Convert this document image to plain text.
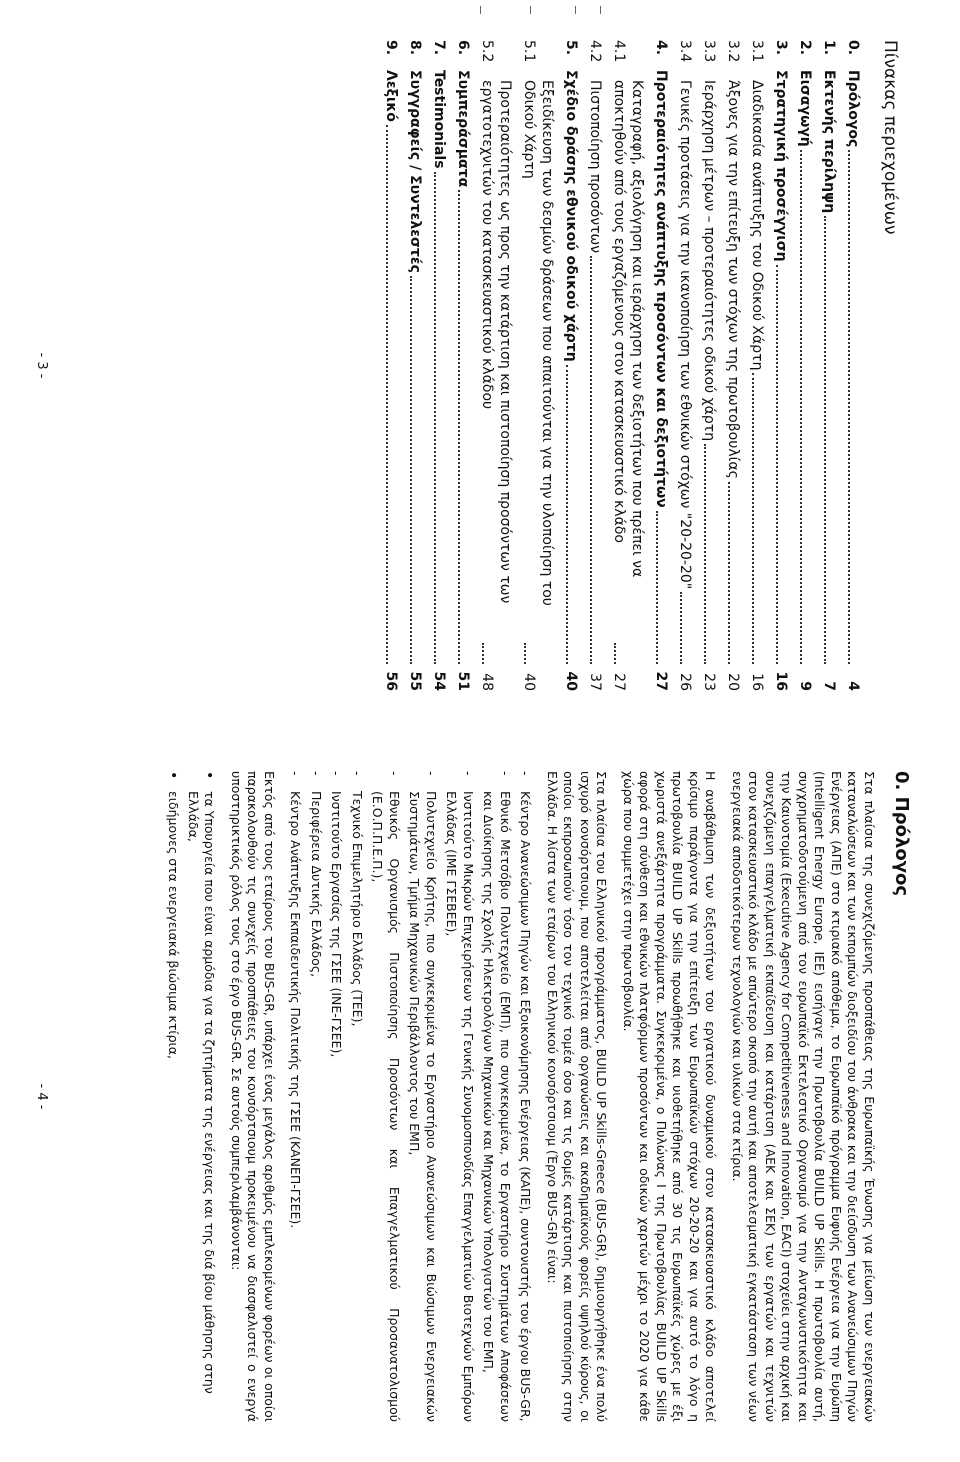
Πίνακας περιεχομένων
0.
Πρόλογος
4
1.
Εκτενής περίληψη
7
2.
Εισαγωγή
9
3.
Στρατηγική προσέγγιση
16
3.1
Διαδικασία ανάπτυξης του Οδικού Χάρτη
16
3.2
Άξονες για την επίτευξη των στόχων της πρωτοβουλίας
20
3.3
Ιεράρχηση μέτρων – προτεραιότητες οδικού χάρτη
23
3.4
Γενικές προτάσεις για την ικανοποίηση των εθνικών στόχων "20-20-20"
26
4.
Προτεραιότητες ανάπτυξης προσόντων και δεξιοτήτων
27
4.1
Καταγραφή, αξιολόγηση και ιεράρχηση των δεξιοτήτων που πρέπει να αποκτηθούν από τους εργαζόμενους στον κατασκευαστικό κλάδο
27
4.2
Πιστοποίηση προσόντων
37
5.
Σχέδιο δράσης εθνικού οδικού χάρτη
40
5.1
Εξειδίκευση των δεσμών δράσεων που απαιτούνται για την υλοποίηση του Οδικού Χάρτη
40
5.2
Προτεραιότητες ως προς την κατάρτιση και πιστοποίηση προσόντων των εργατοτεχνιτών του κατασκευαστικού κλάδου
48
6.
Συμπεράσματα
51
7.
Testimonials
54
8.
Συγγραφείς / Συντελεστές
55
9.
Λεξικό
56
- 3 -
0. Πρόλογος

Στα πλαίσια της συνεχιζόμενης προσπάθειας της Ευρωπαϊκής Ένωσης για μείωση των ενεργειακών καταναλώσεων και των εκπομπών διοξειδίου του άνθρακα και την διείσδυση των Ανανεώσιμων Πηγών Ενέργειας (ΑΠΕ) στο κτιριακό απόθεμα, το Ευρωπαϊκό πρόγραμμα Ευφυής Ενέργεια για την Ευρώπη (Intelligent Energy Europe, IEE) εισήγαγε την Πρωτοβουλία BUILD UP Skills. Η πρωτοβουλία αυτή, συγχρηματοδοτούμενη από τον ευρωπαϊκό Εκτελεστικό Οργανισμό για την Ανταγωνιστικότητα και την Καινοτομία (Executive Agency for Competitiveness and Innovation, EACI) στοχεύει στην αρχική και συνεχιζόμενη επαγγελματική εκπαίδευση και κατάρτιση (ΑΕΚ και ΣΕΚ) των εργατών και τεχνιτών στον κατασκευαστικό κλάδο με απώτερο σκοπό την αυτή και αποτελεσματική εγκατάσταση των νέων ενεργειακά αποδοτικότερων τεχνολογιών και υλικών στα κτίρια.

Η αναβάθμιση των δεξιοτήτων του εργατικού δυναμικού στον κατασκευαστικό κλάδο αποτελεί κρίσιμο παράγοντα για την επίτευξη των Ευρωπαϊκών στόχων 20-20-20 και για αυτό το λόγο η πρωτοβουλία BUILD UP Skills προωθήθηκε και υιοθετήθηκε από 30 τις Ευρωπαϊκές χώρες με έξι χωριστά ανεξάρτητα προγράμματα. Συγκεκριμένα, ο Πυλώνας I της Πρωτοβουλίας BUILD UP Skills αφορά στη σύνθεση και εθνικών πλατφόρμων προσόντων και οδικών χαρτών μέχρι το 2020 για κάθε χώρα που συμμετέχει στην πρωτοβουλία.

Στα πλαίσια του Ελληνικού προγράμματος, BUILD UP Skills-Greece (BUS-GR), δημιουργήθηκε ένα πολύ ισχυρό κονσόρτσιουμ, που αποτελείται από οργανώσεις και ακαδημαϊκούς φορείς υψηλού κύρους, οι οποίοι εκπροσωπούν τόσο τον τεχνικό τομέα όσο και τις δομές κατάρτισης και πιστοποίησης στην Ελλάδα. Η λίστα των εταίρων του Ελληνικού κονσόρτσιουμ (Έργο BUS-GR) είναι:

-
Κέντρο Ανανεώσιμων Πηγών και Εξοικονόμησης Ενέργειας (ΚΑΠΕ), συντονιστής του έργου BUS-GR,
-
Εθνικό Μετσόβιο Πολυτεχνείο (ΕΜΠ), πιο συγκεκριμένα, το Εργαστήριο Συστημάτων Αποφάσεων και Διοίκησης της Σχολής Ηλεκτρολόγων Μηχανικών και Μηχανικών Υπολογιστών του ΕΜΠ,
-
Ινστιτούτο Μικρών Επιχειρήσεων της Γενικής Συνομοσπονδίας Επαγγελματιών Βιοτεχνών Εμπόρων Ελλάδας (ΙΜΕ ΓΣΕΒΕΕ),
-
Πολυτεχνείο Κρήτης, πιο συγκεκριμένα το Εργαστήριο Ανανεώσιμων και Βιώσιμων Ενεργειακών Συστημάτων, Τμήμα Μηχανικών Περιβάλλοντος του ΕΜΠ,
-
Εθνικός Οργανισμός Πιστοποίησης Προσόντων και Επαγγελματικού Προσανατολισμού (Ε.Ο.Π.Π.Ε.Π.),
-
Τεχνικό Επιμελητήριο Ελλάδος (ΤΕΕ),
-
Ινστιτούτο Εργασίας της ΓΣΕΕ (ΙΝΕ-ΓΣΕΕ),
-
Περιφέρεια Δυτικής Ελλάδος,
-
Κέντρο Ανάπτυξης Εκπαιδευτικής Πολιτικής της ΓΣΕΕ (ΚΑΝΕΠ-ΓΣΕΕ).

Εκτός από τους εταίρους του BUS-GR, υπάρχει ένας μεγάλος αριθμός εμπλεκομένων φορέων οι οποίοι παρακολουθούν τις συνεχείς προσπάθειες του κονσόρτσιουμ προκειμένου να διασφαλιστεί ο ενεργά υποστηρικτικός ρόλος τους στο έργο BUS-GR. Σε αυτούς συμπεριλαμβάνονται:

•
τα Υπουργεία που είναι αρμόδια για τα ζητήματα της ενέργειας και της διά βίου μάθησης στην Ελλάδα,
•
ειδήμονες στα ενεργειακά βιώσιμα κτίρια,
- 4 -
